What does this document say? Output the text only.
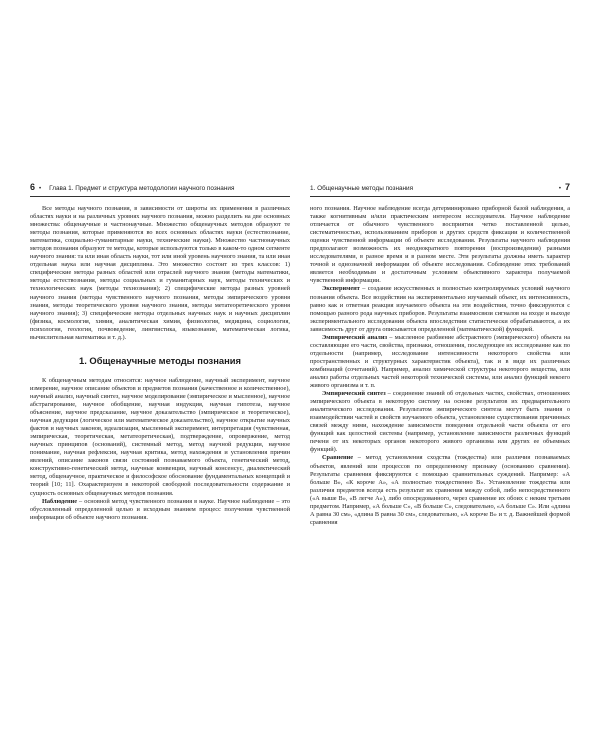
6 • Глава 1. Предмет и структура методологии научного познания

Все методы научного познания, в зависимости от широты их применения в различных областях науки и на различных уровнях научного познания, можно разделить на две основных множества: общенаучные и частнонаучные. Множество общенаучных методов образуют те методы познания, которые применяются во всех основных областях науки (естествознание, математика, социально-гуманитарные науки, технические науки). Множество частнонаучных методов познания образуют те методы, которые используются только в каком-то одном сегменте научного знания: та или иная область науки, тот или иной уровень научного знания, та или иная отдельная наука или научная дисциплина. Это множество состоит из трех классов: 1) специфические методы разных областей или отраслей научного знания (методы математики, методы естествознания, методы социальных и гуманитарных наук, методы технических и технологических наук (методы технознания); 2) специфические методы разных уровней научного знания (методы чувственного научного познания, методы эмпирического уровня знания, методы теоретического уровня научного знания, методы метатеоретического уровня научного знания); 3) специфические методы отдельных научных наук и научных дисциплин (физика, космология, химия, аналитическая химия, физиология, медицина, социология, психология, геология, почвоведение, лингвистика, языкознание, математическая логика, вычислительная математика и т. д.).

1. Общенаучные методы познания

К общенаучным методам относятся: научное наблюдение, научный эксперимент, научное измерение, научное описание объектов и предметов познания (качественное и количественное), научный анализ, научный синтез, научное моделирование (эмпирическое и мысленное), научное абстрагирование, научное обобщение, научная индукция, научная гипотеза, научное объяснение, научное предсказание, научное доказательство (эмпирическое и теоретическое), научная дедукция (логическое или математическое доказательство), научное открытие научных фактов и научных законов, идеализация, мысленный эксперимент, интерпретация (чувственная, эмпирическая, теоретическая, метатеоретическая), подтверждение, опровержение, метод научных принципов (оснований), системный метод, метод научной редукции, научное понимание, научная рефлексия, научная критика, метод нахождения и установления причин явлений, описание законов связи состояний познаваемого объекта, генетический метод, конструктивно-генетический метод, научные конвенции, научный консенсус, диалектический метод, общенаучное, практическое и философское обоснование фундаментальных концепций и теорий [10; 11]. Охарактеризуем в некоторой свободной последовательности содержание и сущность основных общенаучных методов познания.

Наблюдение – основной метод чувственного познания в науке. Научное наблюдение – это обусловленный определенной целью и исходным знанием процесс получения чувственной информации об объекте научного познания.

1. Общенаучные методы познания	• 7

ного познания. Научное наблюдение всегда детерминировано приборной базой наблюдения, а также когнитивным и/или практическим интересом исследователя. Научное наблюдение отличается от обычного чувственного восприятия четко поставленной целью, систематичностью, использованием приборов и других средств фиксации и количественной оценки чувственной информации об объекте исследования. Результаты научного наблюдения предполагают возможность их неоднократного повторения (воспроизведения) разными исследователями, в разное время и в разном месте. Эти результаты должны иметь характер точной и однозначной информации об объекте исследования. Соблюдение этих требований является необходимым и достаточным условием объективного характера получаемой чувственной информации.

Эксперимент – создание искусственных и полностью контролируемых условий научного познания объекта. Все воздействия на экспериментально изучаемый объект, их интенсивность, равно как и ответная реакция изучаемого объекта на эти воздействия, точно фиксируются с помощью разного рода научных приборов. Результаты взаимосвязи сигналов на входе и выходе экспериментального исследования объекта впоследствии статистически обрабатываются, а их зависимость друг от друга описывается определенной (математической) функцией.

Эмпирический анализ – мысленное разбиение абстрактного (эмпирического) объекта на составляющие его части, свойства, признаки, отношения, последующее их исследование как по отдельности (например, исследование интенсивности некоторого свойства или пространственных и структурных характеристик объекта), так и в виде их различных комбинаций (сочетаний). Например, анализ химической структуры некоторого вещества, или анализ работы отдельных частей некоторой технической системы, или анализ функций некоего живого организма и т. п.

Эмпирический синтез – соединение знаний об отдельных частях, свойствах, отношениях эмпирического объекта в некоторую систему на основе результатов их предварительного аналитического исследования. Результатом эмпирического синтеза могут быть знания о взаимодействии частей и свойств изучаемого объекта, установление существования причинных связей между ними, нахождение зависимости поведения отдельной части объекта от его функций как целостной системы (например, установление зависимости различных функций печени от их некоторых органов некоторого живого организма или других ее объемных функций).

Сравнение – метод установления сходства (тождества) или различия познаваемых объектов, явлений или процессов по определенному признаку (основанию сравнения). Результаты сравнения фиксируются с помощью сравнительных суждений. Например: «А больше В», «К короче А», «А полностью тождественно В». Установление тождества или различия предметов всегда есть результат их сравнения между собой, либо непосредственного («А выше В», «В легче А»), либо опосредованного, через сравнение их обоих с неким третьим предметом. Например, «А больше С», «В больше С», следовательно, «А больше С». Или «длина А равна 30 см», «длина В равна 30 см», следовательно, «А короче В» и т. д. Важнейшей формой сравнения
